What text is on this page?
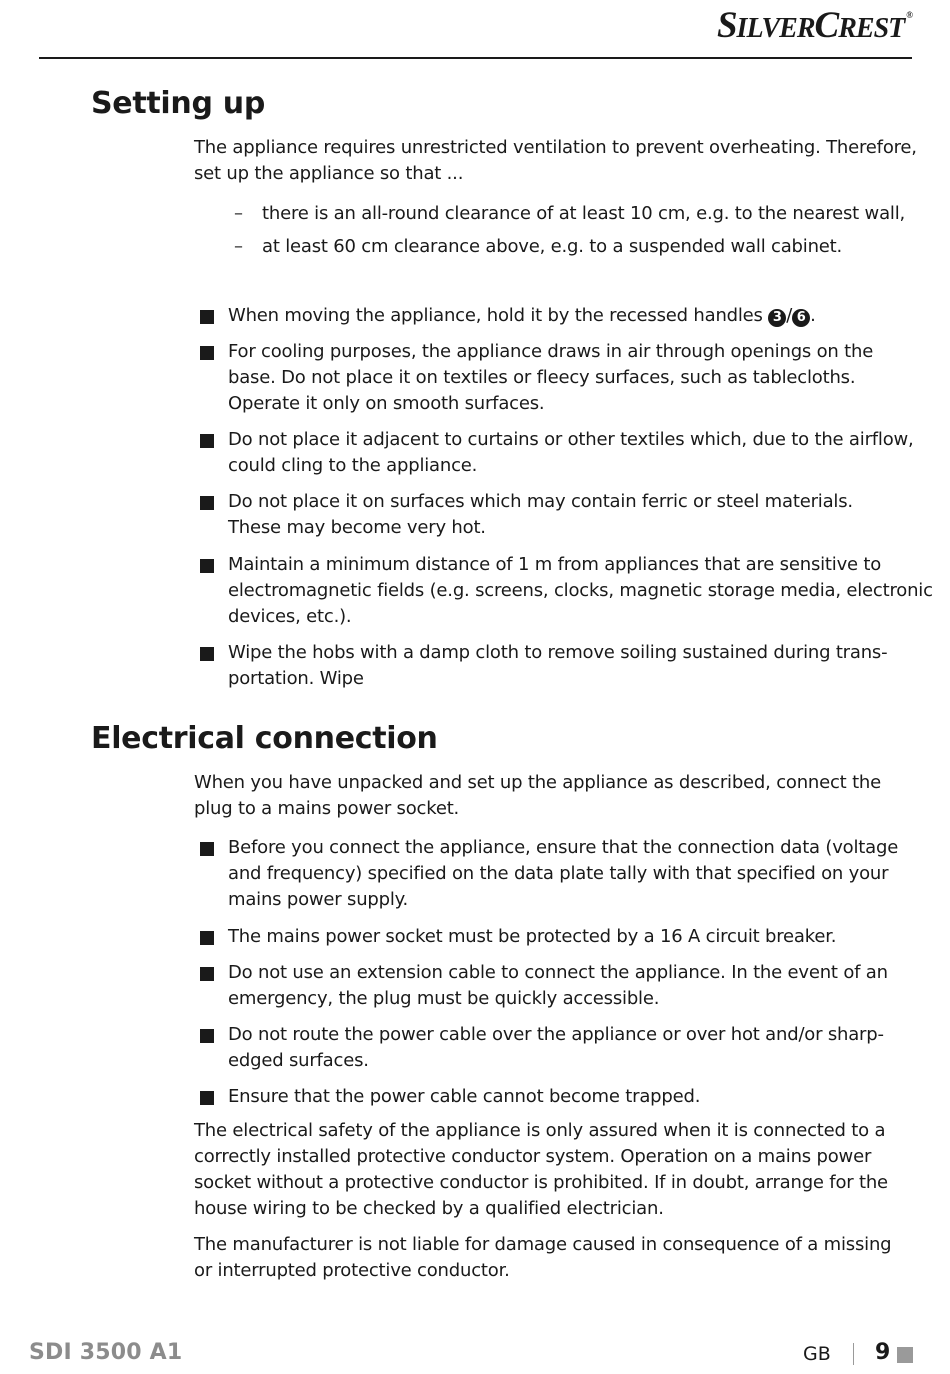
SILVERCREST ®
Setting up
The appliance requires unrestricted ventilation to prevent overheating. Therefore,
set up the appliance so that ...
– there is an all-round clearance of at least 10 cm, e.g. to the nearest wall,
– at least 60 cm clearance above, e.g. to a suspended wall cabinet.
When moving the appliance, hold it by the recessed handles 3 / 6 .
For cooling purposes, the appliance draws in air through openings on the
base. Do not place it on textiles or fleecy surfaces, such as tablecloths.
Operate it only on smooth surfaces.
Do not place it adjacent to curtains or other textiles which, due to the airflow,
could cling to the appliance.
Do not place it on surfaces which may contain ferric or steel materials.
These may become very hot.
Maintain a minimum distance of 1 m from appliances that are sensitive to
electromagnetic fields (e.g. screens, clocks, magnetic storage media, electronic
devices, etc.).
Wipe the hobs with a damp cloth to remove soiling sustained during trans-
portation. Wipe
Electrical connection
When you have unpacked and set up the appliance as described, connect the
plug to a mains power socket.
Before you connect the appliance, ensure that the connection data (voltage
and frequency) specified on the data plate tally with that specified on your
mains power supply.
The mains power socket must be protected by a 16 A circuit breaker.
Do not use an extension cable to connect the appliance. In the event of an
emergency, the plug must be quickly accessible.
Do not route the power cable over the appliance or over hot and/or sharp-
edged surfaces.
Ensure that the power cable cannot become trapped.
The electrical safety of the appliance is only assured when it is connected to a
correctly installed protective conductor system. Operation on a mains power
socket without a protective conductor is prohibited. If in doubt, arrange for the
house wiring to be checked by a qualified electrician.
The manufacturer is not liable for damage caused in consequence of a missing
or interrupted protective conductor.
SDI 3500 A1	GB 9
